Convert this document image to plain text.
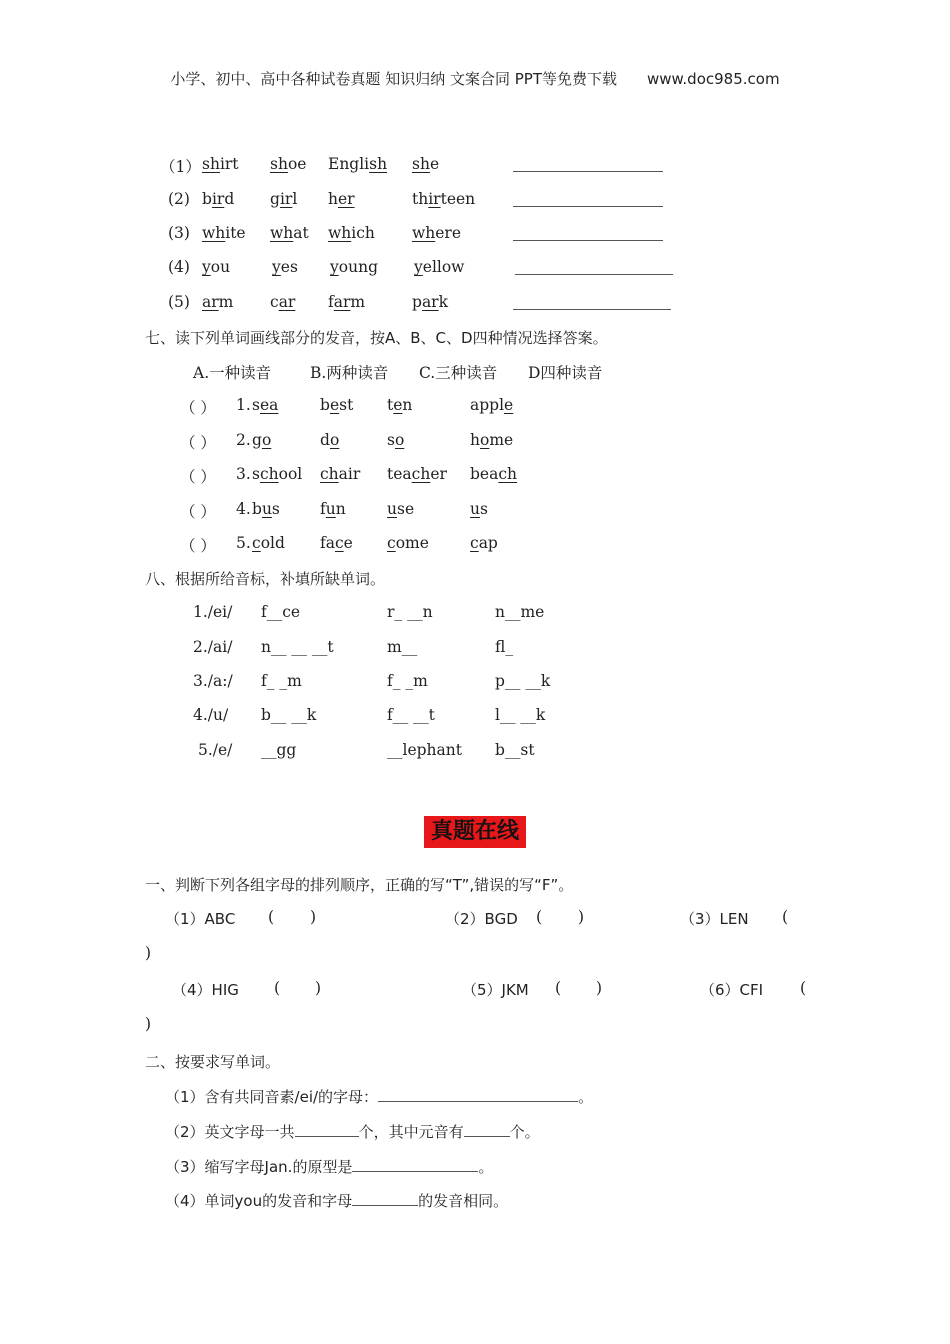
小学、初中、高中各种试卷真题 知识归纳 文案合同 PPT等免费下载 www.doc985.com
（1） shirt shoe English she
(2) bird girl her	thirteen
(3) white what which where
(4) you	yes young yellow
(5) arm car farm	park
七、读下列单词画线部分的发音，按A、B、C、D四种情况选择答案。
A.一种读音	B.两种读音 C.三种读音 D四种读音
（ ） 1. sea	best ten	apple
（ ） 2. go	do	so	home
（ ） 3. school chair teacher beach
（ ） 4. bus	fun	use	us
（ ） 5. cold face come	cap
八、根据所给音标，补填所缺单词。
1./ei/ f__ce	r_ __n	n__me
2./ai/ n__ __ __t	m__	fl_
3./a:/ f_ _m	f_ _m	p__ __k
4./u/ b__ __k	f__ __t	l__ __k
5./e/ __gg	__lephant b__st
真题在线
一、判断下列各组字母的排列顺序，正确的写“T”,错误的写“F”。
（1）ABC ( )	（2）BGD ( )	（3）LEN (
)
（4）HIG ( )	（5）JKM ( )	（6）CFI (
)
二、按要求写单词。
（1）含有共同音素/ei/的字母：	。
（2）英文字母一共	个，其中元音有	个。
（3）缩写字母Jan.的原型是	。
（4）单词you的发音和字母	的发音相同。
